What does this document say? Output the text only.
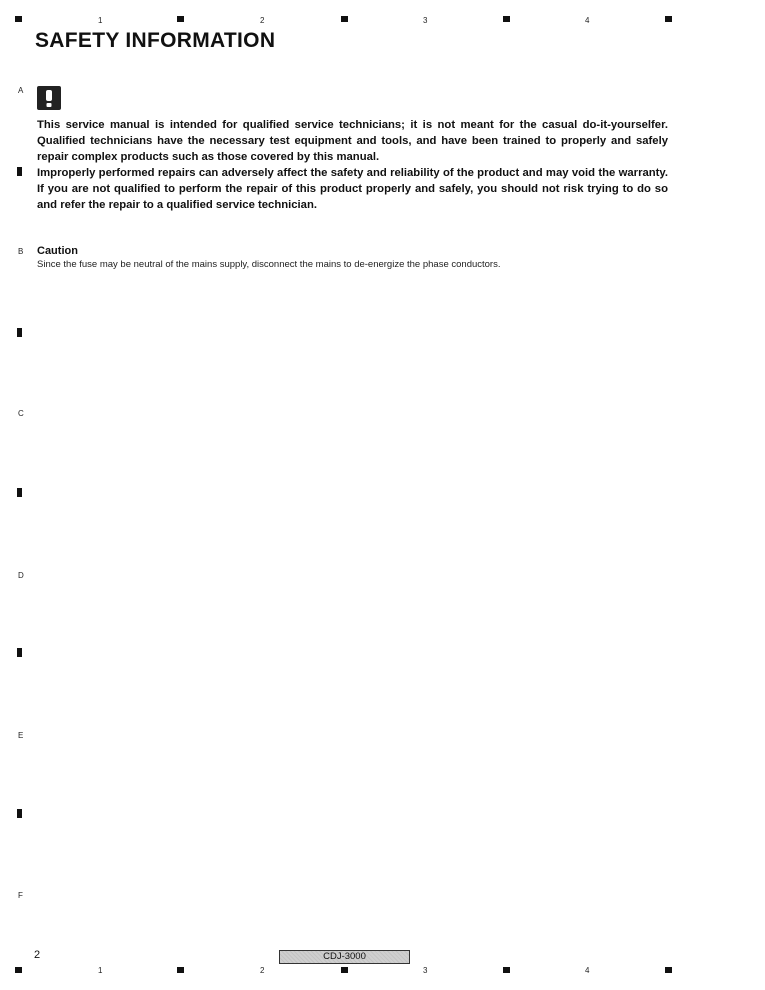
1	2	3	4
A
B
C
D
E
F
SAFETY INFORMATION
This service manual is intended for qualified service technicians; it is not meant for the casual do-it-yourselfer. Qualified technicians have the necessary test equipment and tools, and have been trained to properly and safely repair complex products such as those covered by this manual.
Improperly performed repairs can adversely affect the safety and reliability of the product and may void the warranty. If you are not qualified to perform the repair of this product properly and safely, you should not risk trying to do so and refer the repair to a qualified service technician.
Caution
Since the fuse may be neutral of the mains supply, disconnect the mains to de-energize the phase conductors.
2	CDJ-3000
1	2	3	4
